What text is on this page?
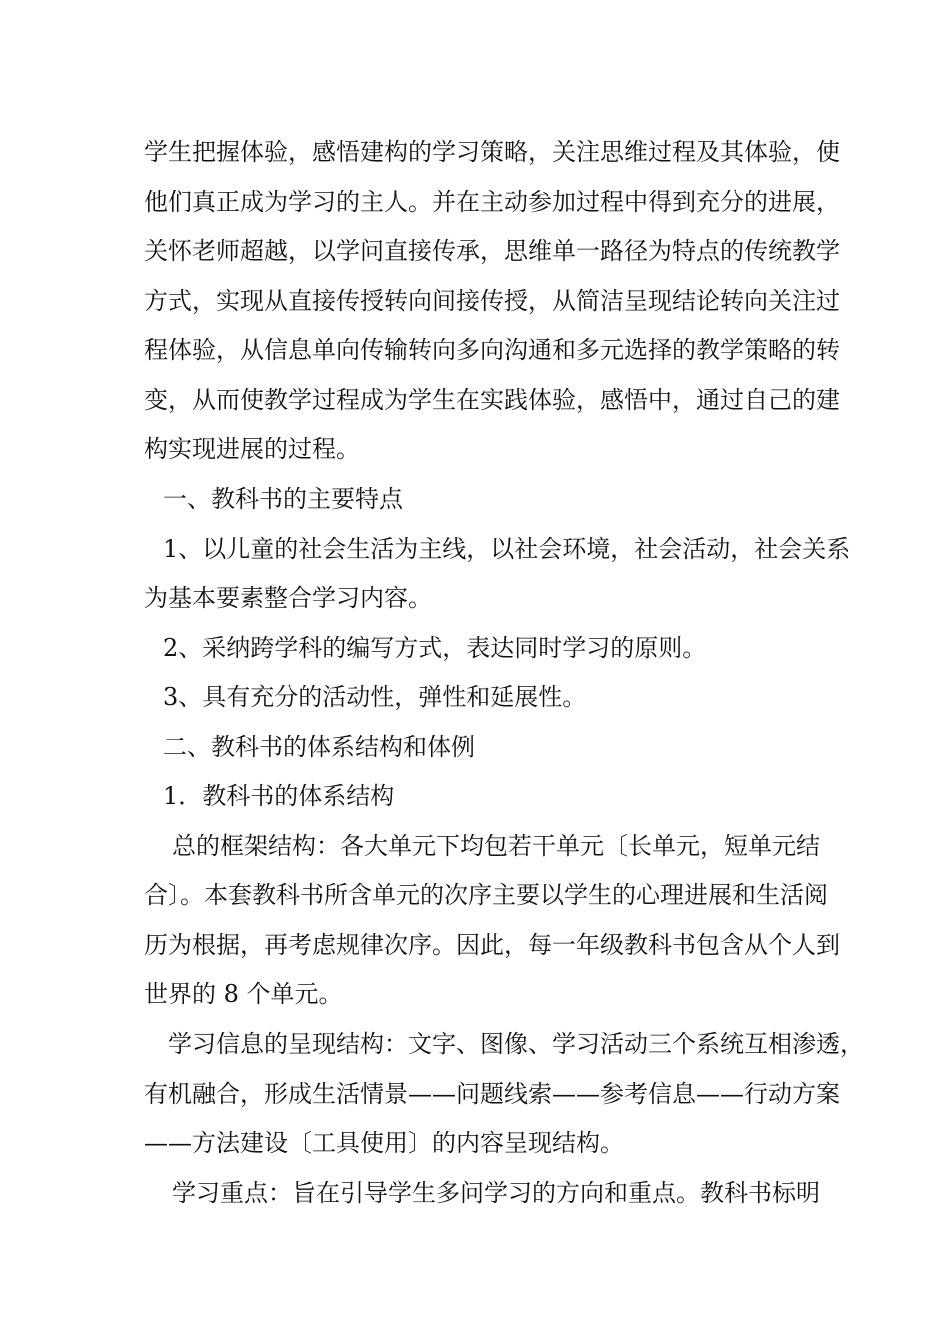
学生把握体验，感悟建构的学习策略，关注思维过程及其体验，使
他们真正成为学习的主人。并在主动参加过程中得到充分的进展，
关怀老师超越，以学问直接传承，思维单一路径为特点的传统教学
方式，实现从直接传授转向间接传授，从简洁呈现结论转向关注过
程体验，从信息单向传输转向多向沟通和多元选择的教学策略的转
变，从而使教学过程成为学生在实践体验，感悟中，通过自己的建
构实现进展的过程。
一、教科书的主要特点
1、以儿童的社会生活为主线，以社会环境，社会活动，社会关系
为基本要素整合学习内容。
2、采纳跨学科的编写方式，表达同时学习的原则。
3、具有充分的活动性，弹性和延展性。
二、教科书的体系结构和体例
1．教科书的体系结构
总的框架结构：各大单元下均包若干单元〔长单元，短单元结
合〕。本套教科书所含单元的次序主要以学生的心理进展和生活阅
历为根据，再考虑规律次序。因此，每一年级教科书包含从个人到
世界的 8 个单元。
学习信息的呈现结构：文字、图像、学习活动三个系统互相渗透，
有机融合，形成生活情景——问题线索——参考信息——行动方案
——方法建设〔工具使用〕的内容呈现结构。
学习重点：旨在引导学生多问学习的方向和重点。教科书标明
